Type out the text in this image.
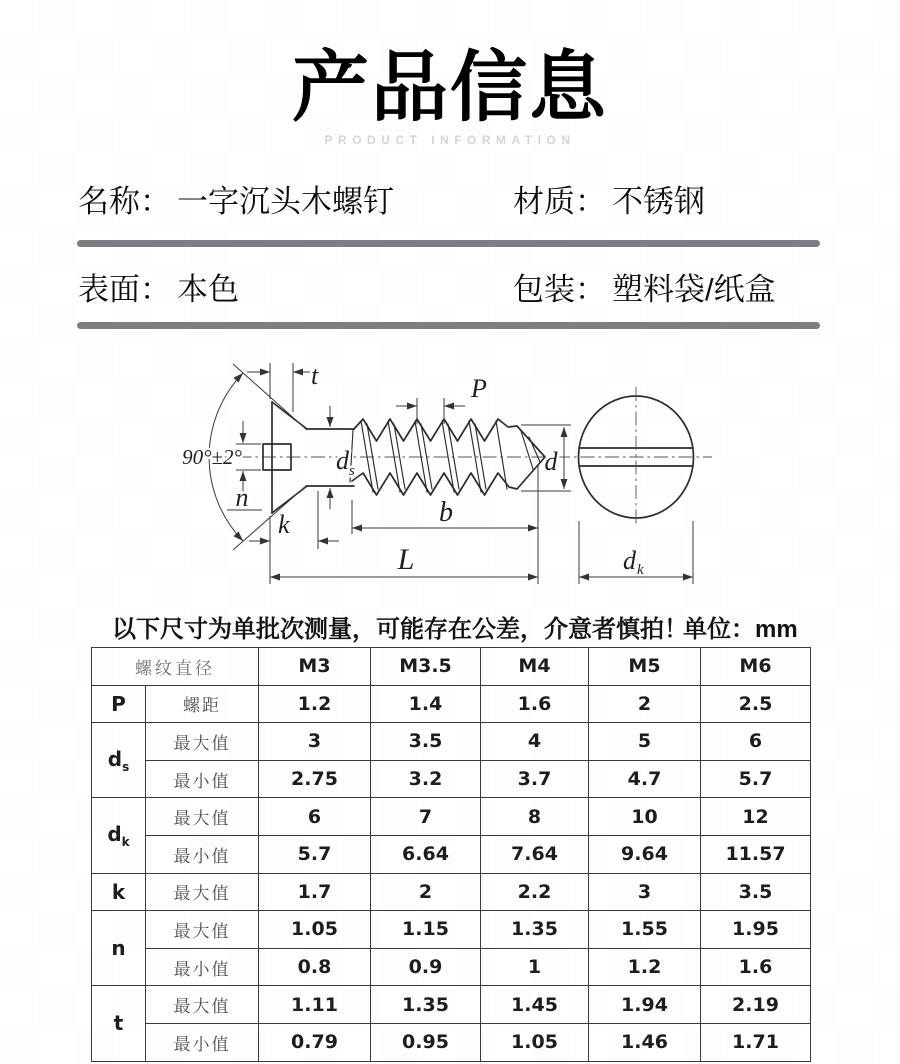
产品信息
PRODUCT INFORMATION
名称： 一字沉头木螺钉	材质： 不锈钢
表面： 本色	包装： 塑料袋/纸盒
t
90°±2°	d s
n
k
P
d
b
L	d k
以下尺寸为单批次测量，可能存在公差，介意者慎拍！
单位：mm
螺纹直径		M3	M3.5	M4	M5	M6
P	螺距	1.2	1.4	1.6	2	2.5
$d_s$	最大值	3	3.5	4	5	6
	最小值	2.75	3.2	3.7	4.7	5.7
$d_k$	最大值	6	7	8	10	12
	最小值	5.7	6.64	7.64	9.64	11.57
k	最大值	1.7	2	2.2	3	3.5
n	最大值	1.05	1.15	1.35	1.55	1.95
	最小值	0.8	0.9	1	1.2	1.6
t	最大值	1.11	1.35	1.45	1.94	2.19
	最小值	0.79	0.95	1.05	1.46	1.71
